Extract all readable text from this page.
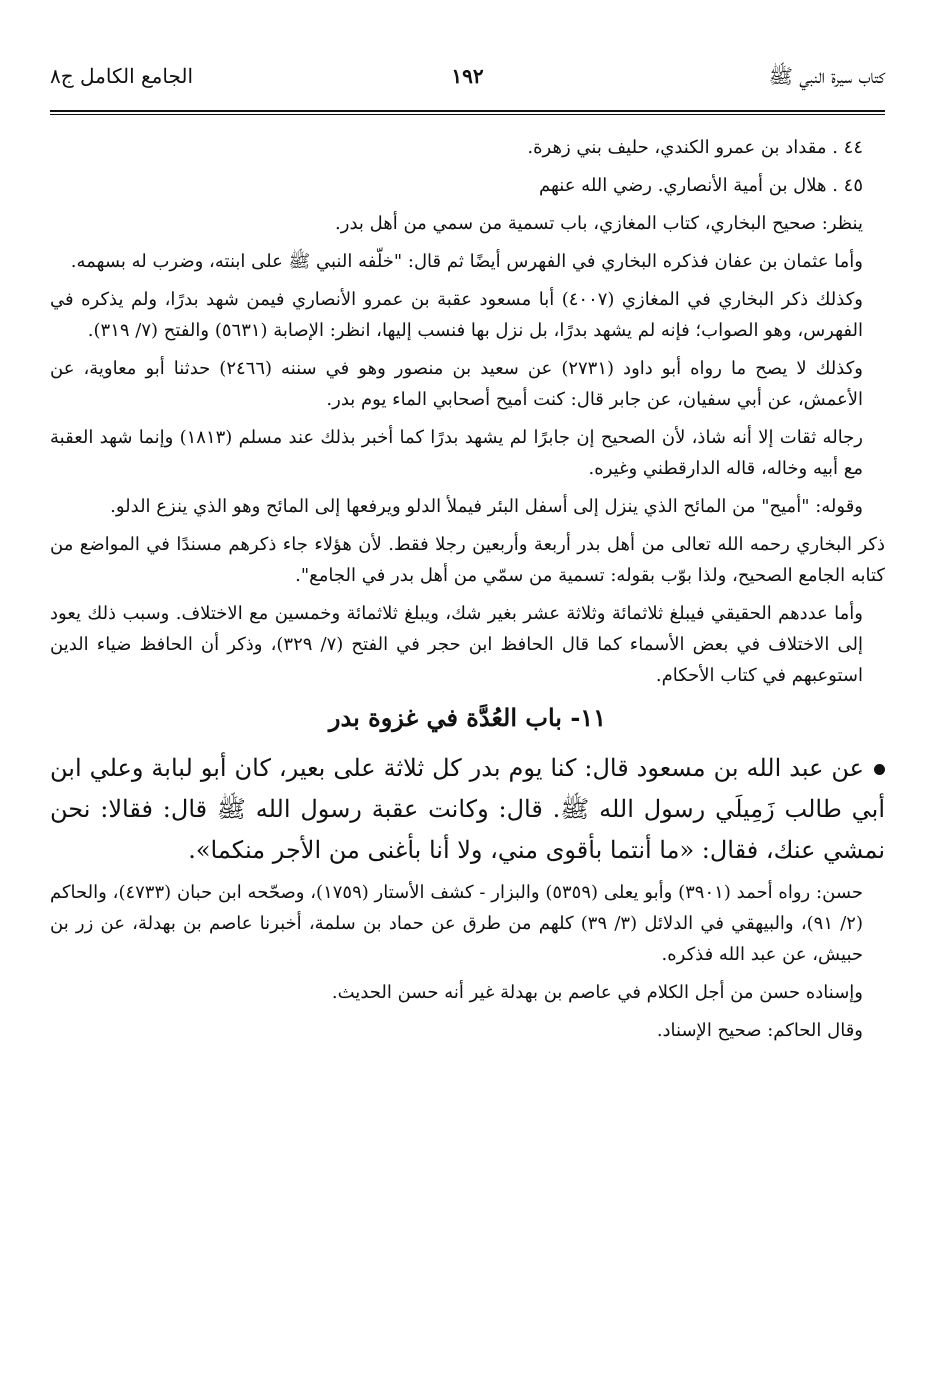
الجامع الكامل ج٨	١٩٢	كتاب سيرة النبي ﷺ

٤٤ . مقداد بن عمرو الكندي، حليف بني زهرة.

٤٥ . هلال بن أمية الأنصاري. رضي الله عنهم

ينظر: صحيح البخاري، كتاب المغازي، باب تسمية من سمي من أهل بدر.

وأما عثمان بن عفان فذكره البخاري في الفهرس أيضًا ثم قال: "خلّفه النبي ﷺ على ابنته، وضرب له بسهمه.

وكذلك ذكر البخاري في المغازي (٤٠٠٧) أبا مسعود عقبة بن عمرو الأنصاري فيمن شهد بدرًا، ولم يذكره في الفهرس، وهو الصواب؛ فإنه لم يشهد بدرًا، بل نزل بها فنسب إليها، انظر: الإصابة (٥٦٣١) والفتح (٧/ ٣١٩).

وكذلك لا يصح ما رواه أبو داود (٢٧٣١) عن سعيد بن منصور وهو في سننه (٢٤٦٦) حدثنا أبو معاوية، عن الأعمش، عن أبي سفيان، عن جابر قال: كنت أميح أصحابي الماء يوم بدر.

رجاله ثقات إلا أنه شاذ، لأن الصحيح إن جابرًا لم يشهد بدرًا كما أخبر بذلك عند مسلم (١٨١٣) وإنما شهد العقبة مع أبيه وخاله، قاله الدارقطني وغيره.

وقوله: "أميح" من المائح الذي ينزل إلى أسفل البئر فيملأ الدلو ويرفعها إلى المائح وهو الذي ينزع الدلو.

ذكر البخاري رحمه الله تعالى من أهل بدر أربعة وأربعين رجلا فقط. لأن هؤلاء جاء ذكرهم مسندًا في المواضع من كتابه الجامع الصحيح، ولذا بوّب بقوله: تسمية من سمّي من أهل بدر في الجامع".

وأما عددهم الحقيقي فيبلغ ثلاثمائة وثلاثة عشر بغير شك، ويبلغ ثلاثمائة وخمسين مع الاختلاف. وسبب ذلك يعود إلى الاختلاف في بعض الأسماء كما قال الحافظ ابن حجر في الفتح (٧/ ٣٢٩)، وذكر أن الحافظ ضياء الدين استوعبهم في كتاب الأحكام.

١١- باب العُدَّة في غزوة بدر

عن عبد الله بن مسعود قال: كنا يوم بدر كل ثلاثة على بعير، كان أبو لبابة وعلي ابن أبي طالب زَمِيلَي رسول الله ﷺ. قال: وكانت عقبة رسول الله ﷺ قال: فقالا: نحن نمشي عنك، فقال: «ما أنتما بأقوى مني، ولا أنا بأغنى من الأجر منكما».

حسن: رواه أحمد (٣٩٠١) وأبو يعلى (٥٣٥٩) والبزار - كشف الأستار (١٧٥٩)، وصحّحه ابن حبان (٤٧٣٣)، والحاكم (٢/ ٩١)، والبيهقي في الدلائل (٣/ ٣٩) كلهم من طرق عن حماد بن سلمة، أخبرنا عاصم بن بهدلة، عن زر بن حبيش، عن عبد الله فذكره.

وإسناده حسن من أجل الكلام في عاصم بن بهدلة غير أنه حسن الحديث.

وقال الحاكم: صحيح الإسناد.
